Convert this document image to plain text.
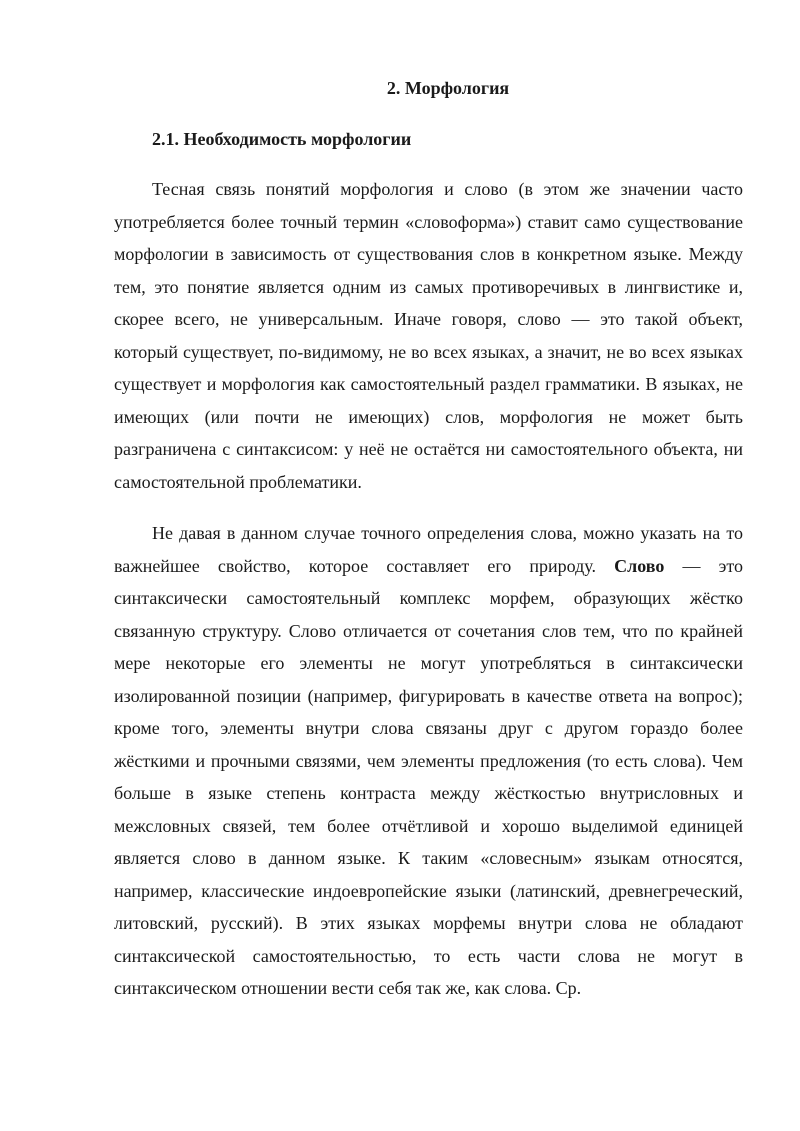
2. Морфология
2.1. Необходимость морфологии

Тесная связь понятий морфология и слово (в этом же значении часто употребляется более точный термин «словоформа») ставит само существование морфологии в зависимость от существования слов в конкретном языке. Между тем, это понятие является одним из самых противоречивых в лингвистике и, скорее всего, не универсальным. Иначе говоря, слово — это такой объект, который существует, по-видимому, не во всех языках, а значит, не во всех языках существует и морфология как самостоятельный раздел грамматики. В языках, не имеющих (или почти не имеющих) слов, морфология не может быть разграничена с синтаксисом: у неё не остаётся ни самостоятельного объекта, ни самостоятельной проблематики.

Не давая в данном случае точного определения слова, можно указать на то важнейшее свойство, которое составляет его природу. Слово — это синтаксически самостоятельный комплекс морфем, образующих жёстко связанную структуру. Слово отличается от сочетания слов тем, что по крайней мере некоторые его элементы не могут употребляться в синтаксически изолированной позиции (например, фигурировать в качестве ответа на вопрос); кроме того, элементы внутри слова связаны друг с другом гораздо более жёсткими и прочными связями, чем элементы предложения (то есть слова). Чем больше в языке степень контраста между жёсткостью внутрисловных и межсловных связей, тем более отчётливой и хорошо выделимой единицей является слово в данном языке. К таким «словесным» языкам относятся, например, классические индоевропейские языки (латинский, древнегреческий, литовский, русский). В этих языках морфемы внутри слова не обладают синтаксической самостоятельностью, то есть части слова не могут в синтаксическом отношении вести себя так же, как слова. Ср.
